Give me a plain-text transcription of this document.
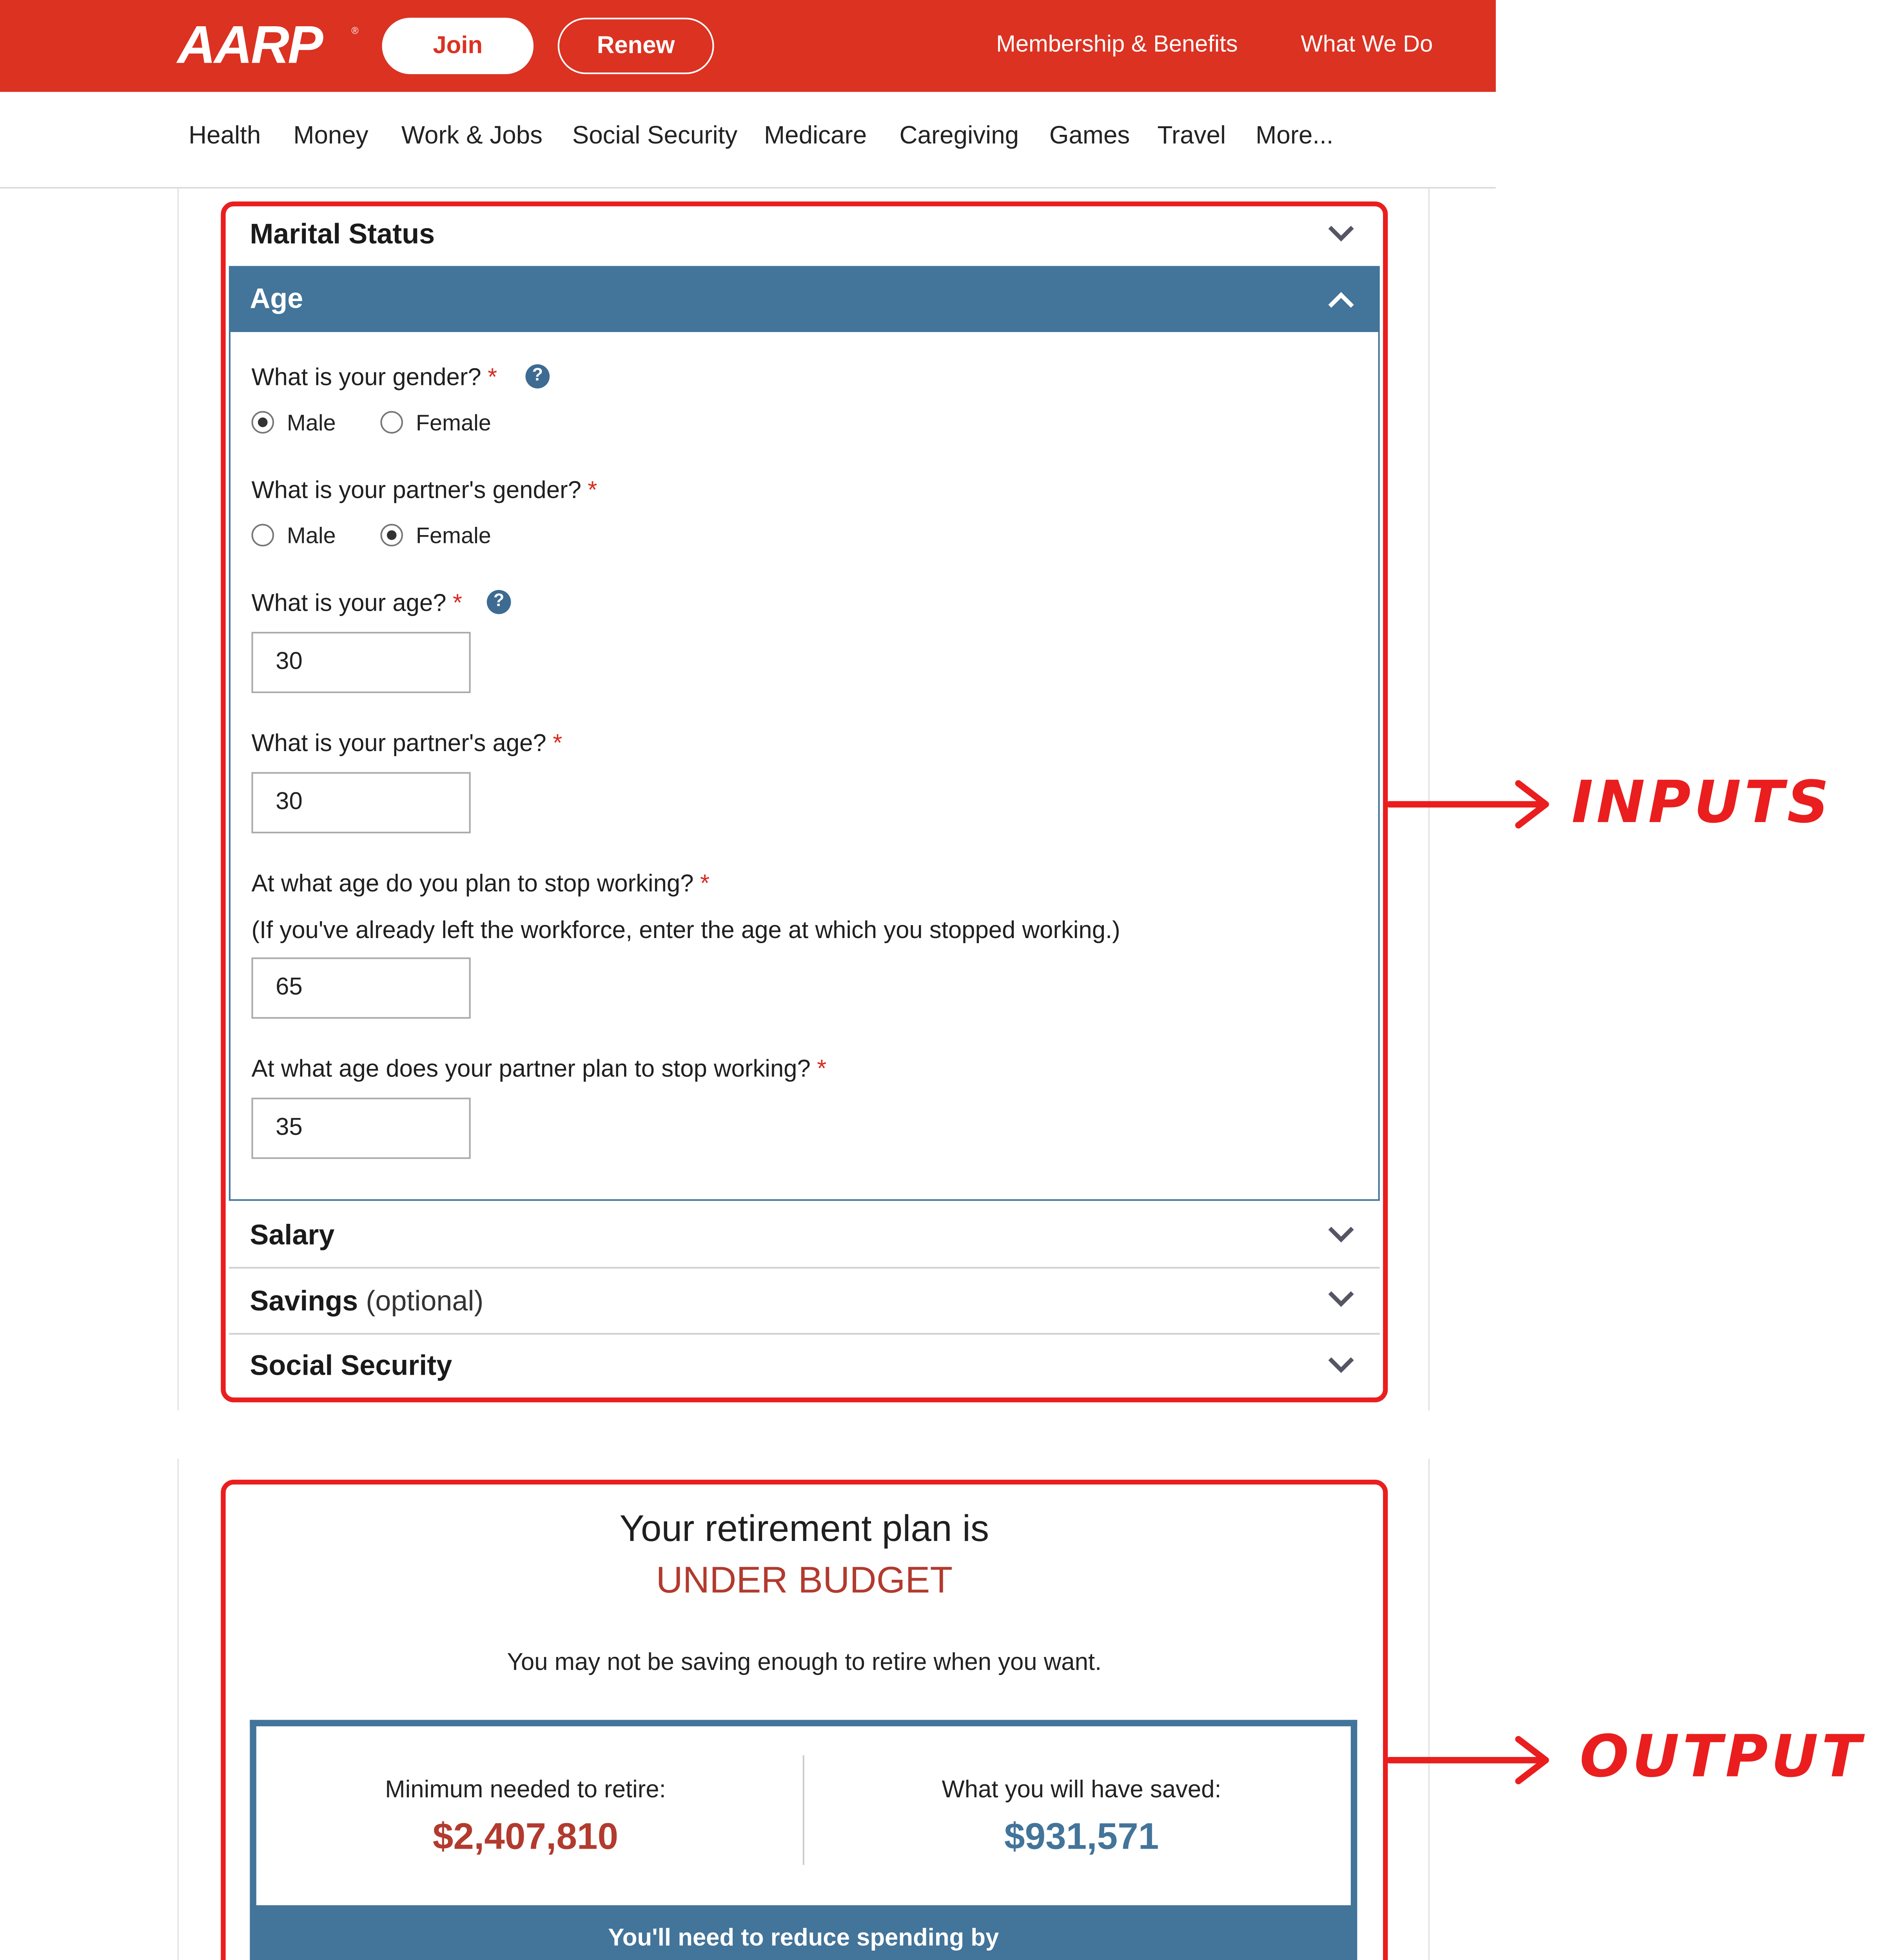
AARP	®
Join	Renew	Membership & Benefits	What We Do
Health	Money	Work & Jobs	Social Security	Medicare	Caregiving	Games	Travel	More...
Marital Status
Age
What is your gender? *	?
Male	Female
What is your partner's gender? *
Male	Female
What is your age? *	?
30
What is your partner's age? *
30
At what age do you plan to stop working? *
(If you've already left the workforce, enter the age at which you stopped working.)
65
At what age does your partner plan to stop working? *
35
Salary
Savings (optional)
Social Security
INPUTS
Your retirement plan is
UNDER BUDGET
You may not be saving enough to retire when you want.
Minimum needed to retire:
$2,407,810
What you will have saved:
$931,571
You'll need to reduce spending by
OUTPUT
